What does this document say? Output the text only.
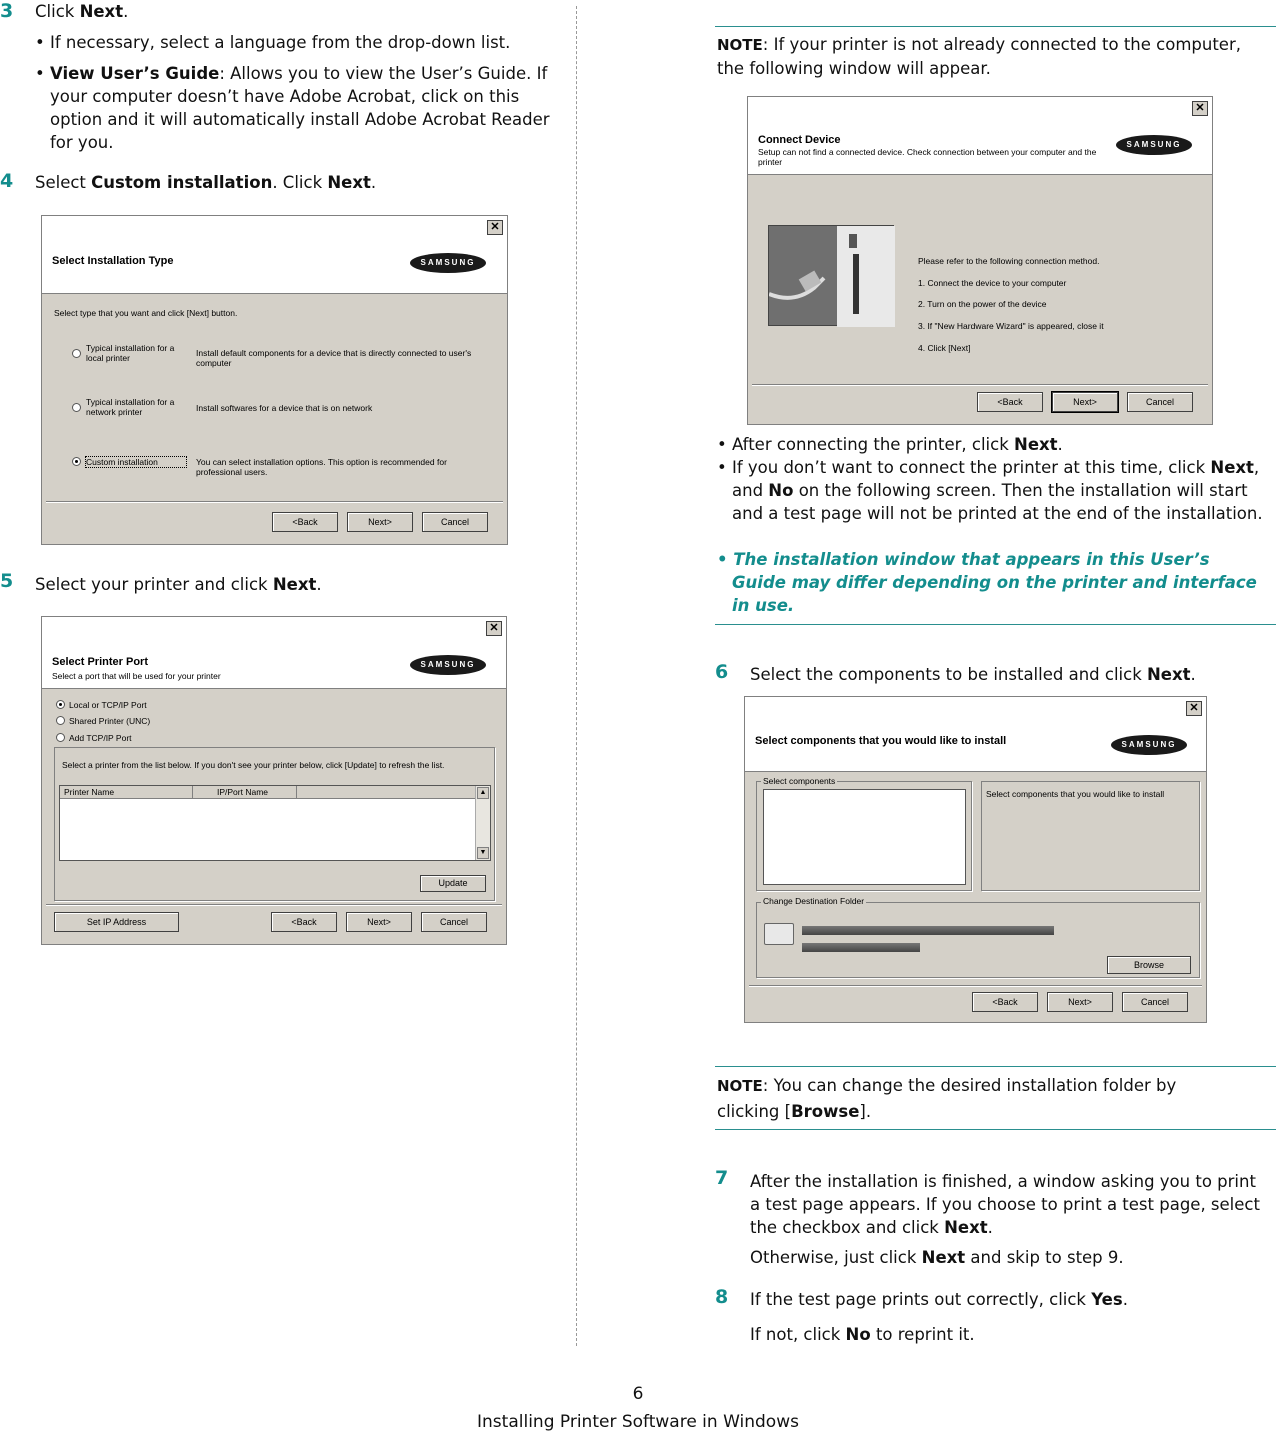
3 Click Next.
• If necessary, select a language from the drop-down list.
• View User’s Guide: Allows you to view the User’s Guide. If your computer doesn’t have Adobe Acrobat, click on this option and it will automatically install Adobe Acrobat Reader for you.
4 Select Custom installation. Click Next.
Select Installation Type	SAMSUNG
✕
Select type that you want and click [Next] button.
Typical installation for a local printer	Install default components for a device that is directly connected to user's computer
Typical installation for a network printer	Install softwares for a device that is on network
Custom installation	You can select installation options. This option is recommended for professional users.
<Back	Next>	Cancel
5 Select your printer and click Next.
Select Printer Port
Select a port that will be used for your printer
SAMSUNG
✕
Local or TCP/IP Port
Shared Printer (UNC)
Add TCP/IP Port
Select a printer from the list below. If you don't see your printer below, click [Update] to refresh the list.
Printer Name	IP/Port Name	▲
▼
Update
Set IP Address	<Back	Next>	Cancel
NOTE: If your printer is not already connected to the computer, the following window will appear.
Connect Device
Setup can not find a connected device. Check connection between your computer and the printer
SAMSUNG
✕
Please refer to the following connection method.
1. Connect the device to your computer
2. Turn on the power of the device
3. If "New Hardware Wizard" is appeared, close it
4. Click [Next]
<Back	Next>	Cancel
• After connecting the printer, click Next.
• If you don’t want to connect the printer at this time, click Next, and No on the following screen. Then the installation will start and a test page will not be printed at the end of the installation.
• The installation window that appears in this User’s Guide may differ depending on the printer and interface in use.
6 Select the components to be installed and click Next.
Select components that you would like to install	SAMSUNG
✕
Select components
Select components that you would like to install
Change Destination Folder
Browse
<Back	Next>	Cancel
NOTE: You can change the desired installation folder by clicking [Browse].
7 After the installation is finished, a window asking you to print a test page appears. If you choose to print a test page, select the checkbox and click Next.
Otherwise, just click Next and skip to step 9.
8 If the test page prints out correctly, click Yes.
If not, click No to reprint it.
6
Installing Printer Software in Windows
